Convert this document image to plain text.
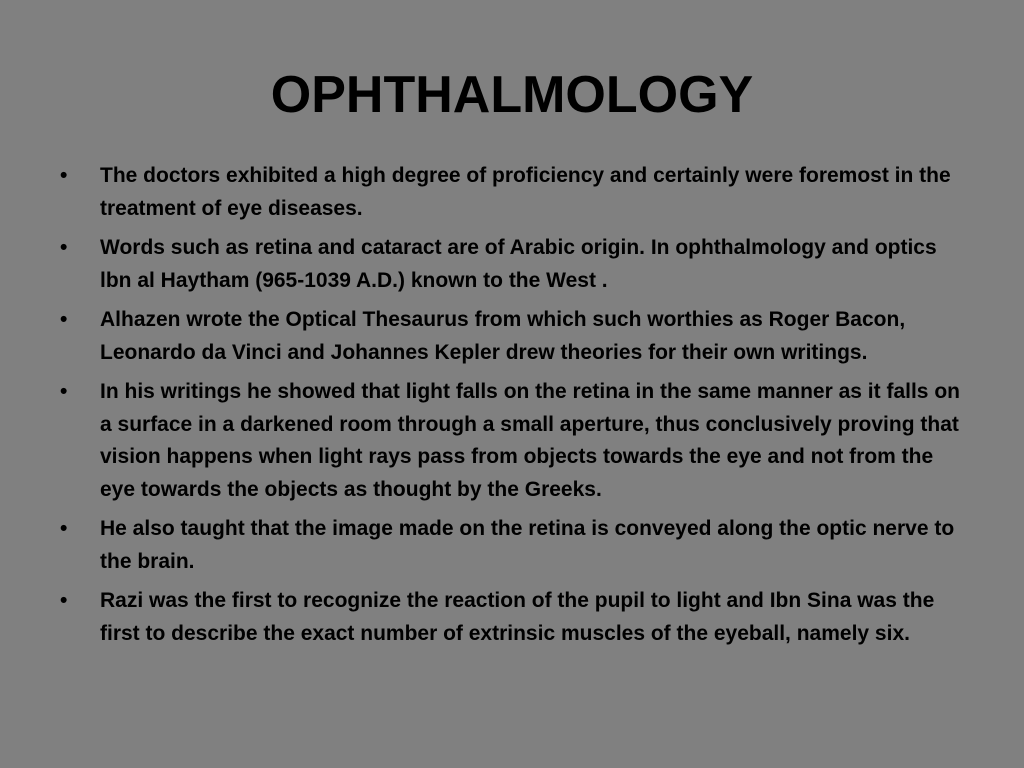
OPHTHALMOLOGY
•	The doctors exhibited a high degree of proficiency and certainly were foremost in the treatment of eye diseases.
•	Words such as retina and cataract are of Arabic origin. In ophthalmology and optics lbn al Haytham (965-1039 A.D.) known to the West .
•	Alhazen wrote the Optical Thesaurus from which such worthies as Roger Bacon, Leonardo da Vinci and Johannes Kepler drew theories for their own writings.
•	In his writings he showed that light falls on the retina in the same manner as it falls on a surface in a darkened room through a small aperture, thus conclusively proving that vision happens when light rays pass from objects towards the eye and not from the eye towards the objects as thought by the Greeks.
•	He also taught that the image made on the retina is conveyed along the optic nerve to the brain.
•	Razi was the first to recognize the reaction of the pupil to light and Ibn Sina was the first to describe the exact number of extrinsic muscles of the eyeball, namely six.
